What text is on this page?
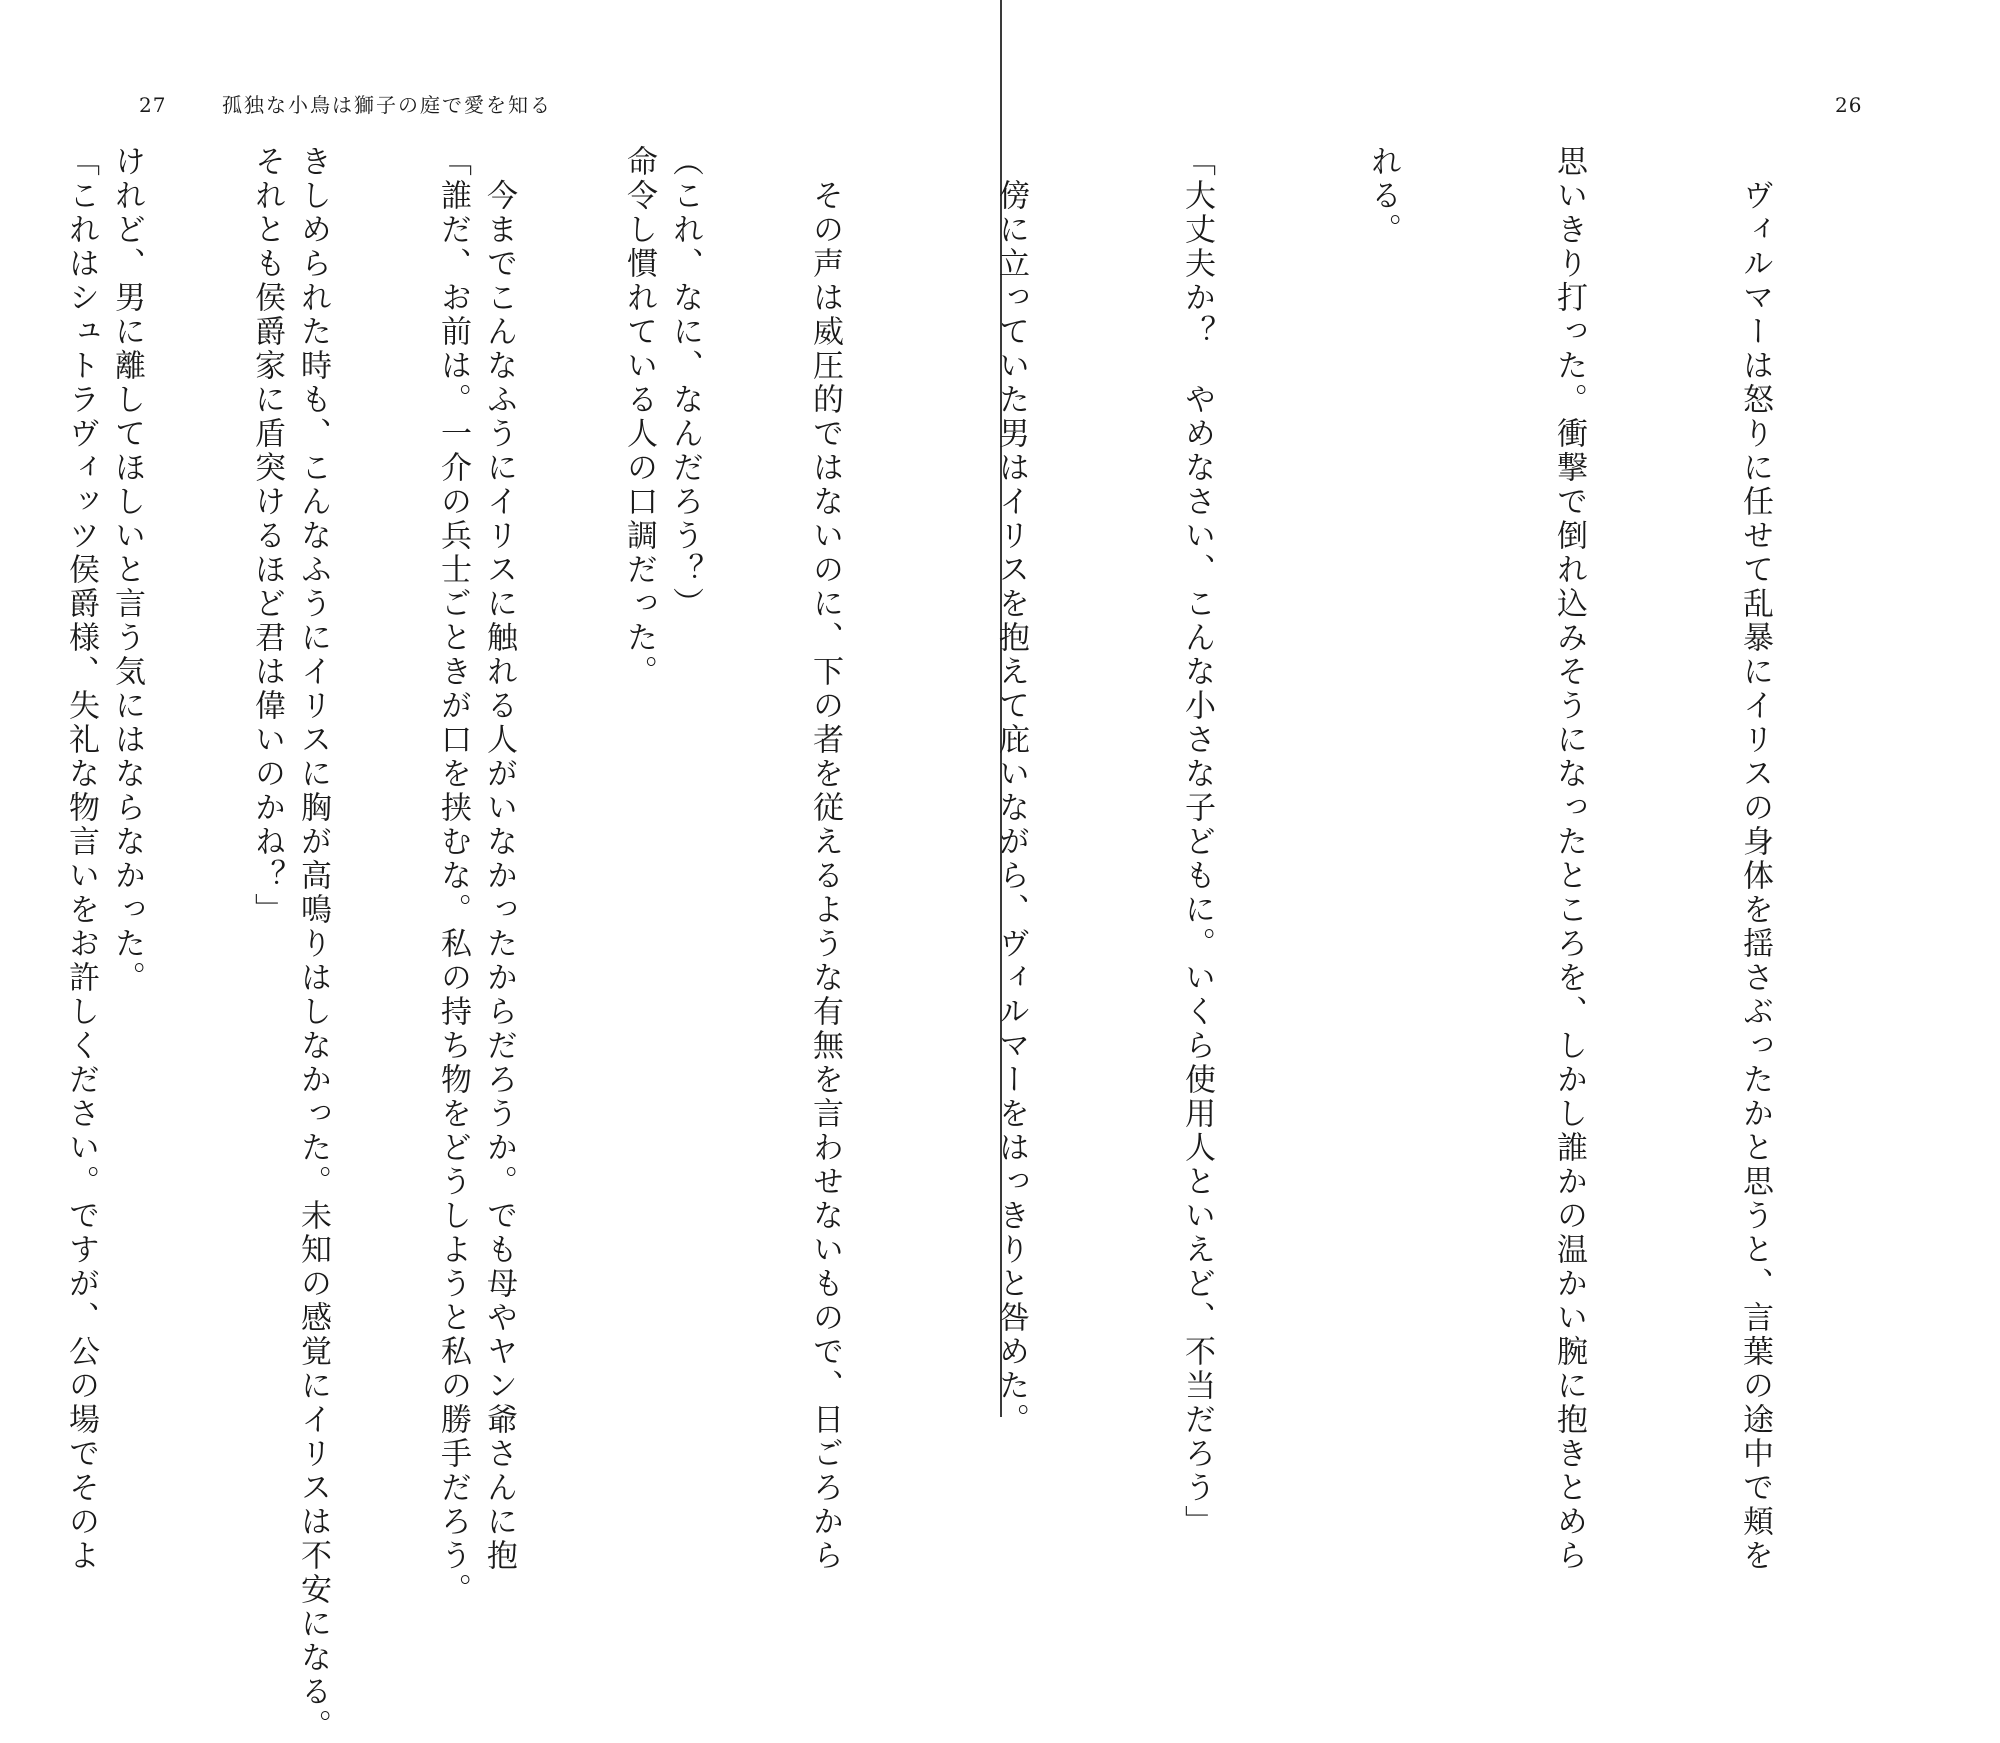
27	孤独な小鳥は獅子の庭で愛を知る

（これ、なに、なんだろう？）

　今までこんなふうにイリスに触れる人がいなかったからだろうか。でも母やヤン爺さんに抱

きしめられた時も、こんなふうにイリスに胸が高鳴りはしなかった。未知の感覚にイリスは不安になる。

けれど、男に離してほしいと言う気にはならなかった。

26

　ヴィルマーは怒りに任せて乱暴にイリスの身体を揺さぶったかと思うと、言葉の途中で頬を

思いきり打った。衝撃で倒れ込みそうになったところを、しかし誰かの温かい腕に抱きとめら

れる。

「大丈夫か？　やめなさい、こんな小さな子どもに。いくら使用人といえど、不当だろう」

　傍に立っていた男はイリスを抱えて庇いながら、ヴィルマーをはっきりと咎めた。

　その声は威圧的ではないのに、下の者を従えるような有無を言わせないもので、日ごろから

命令し慣れている人の口調だった。

「誰だ、お前は。一介の兵士ごときが口を挟むな。私の持ち物をどうしようと私の勝手だろう。

それとも侯爵家に盾突けるほど君は偉いのかね？」

「これはシュトラヴィッツ侯爵様、失礼な物言いをお許しください。ですが、公の場でそのよ
